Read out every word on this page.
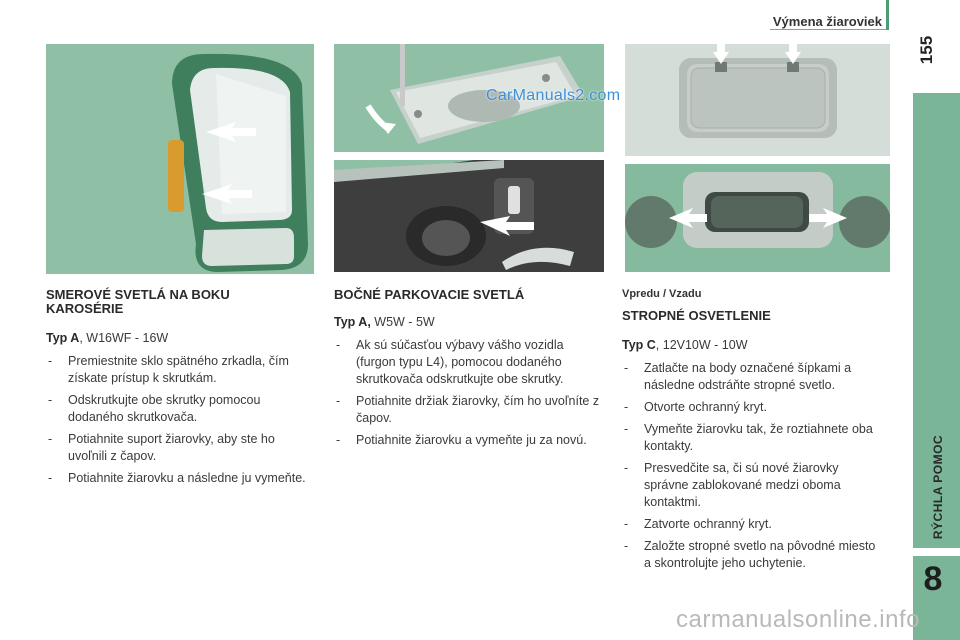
Výmena žiaroviek
155
RÝCHLA POMOC
8
CarManuals2.com
SMEROVÉ SVETLÁ NA BOKU KAROSÉRIE
BOČNÉ PARKOVACIE SVETLÁ	Vpredu / Vzadu
STROPNÉ OSVETLENIE

Typ A, W16WF - 16W

- Premiestnite sklo spätného zrkadla, čím získate prístup k skrutkám.
- Odskrutkujte obe skrutky pomocou dodaného skrutkovača.
- Potiahnite suport žiarovky, aby ste ho uvoľnili z čapov.
- Potiahnite žiarovku a následne ju vymeňte.

Typ A, W5W - 5W

- Ak sú súčasťou výbavy vášho vozidla (furgon typu L4), pomocou dodaného skrutkovača odskrutkujte obe skrutky.
- Potiahnite držiak žiarovky, čím ho uvoľníte z čapov.
- Potiahnite žiarovku a vymeňte ju za novú.

Typ C, 12V10W - 10W

- Zatlačte na body označené šípkami a následne odstráňte stropné svetlo.
- Otvorte ochranný kryt.
- Vymeňte žiarovku tak, že roztiahnete oba kontakty.
- Presvedčite sa, či sú nové žiarovky správne zablokované medzi oboma kontaktmi.
- Zatvorte ochranný kryt.
- Založte stropné svetlo na pôvodné miesto a skontrolujte jeho uchytenie.
carmanualsonline.info
